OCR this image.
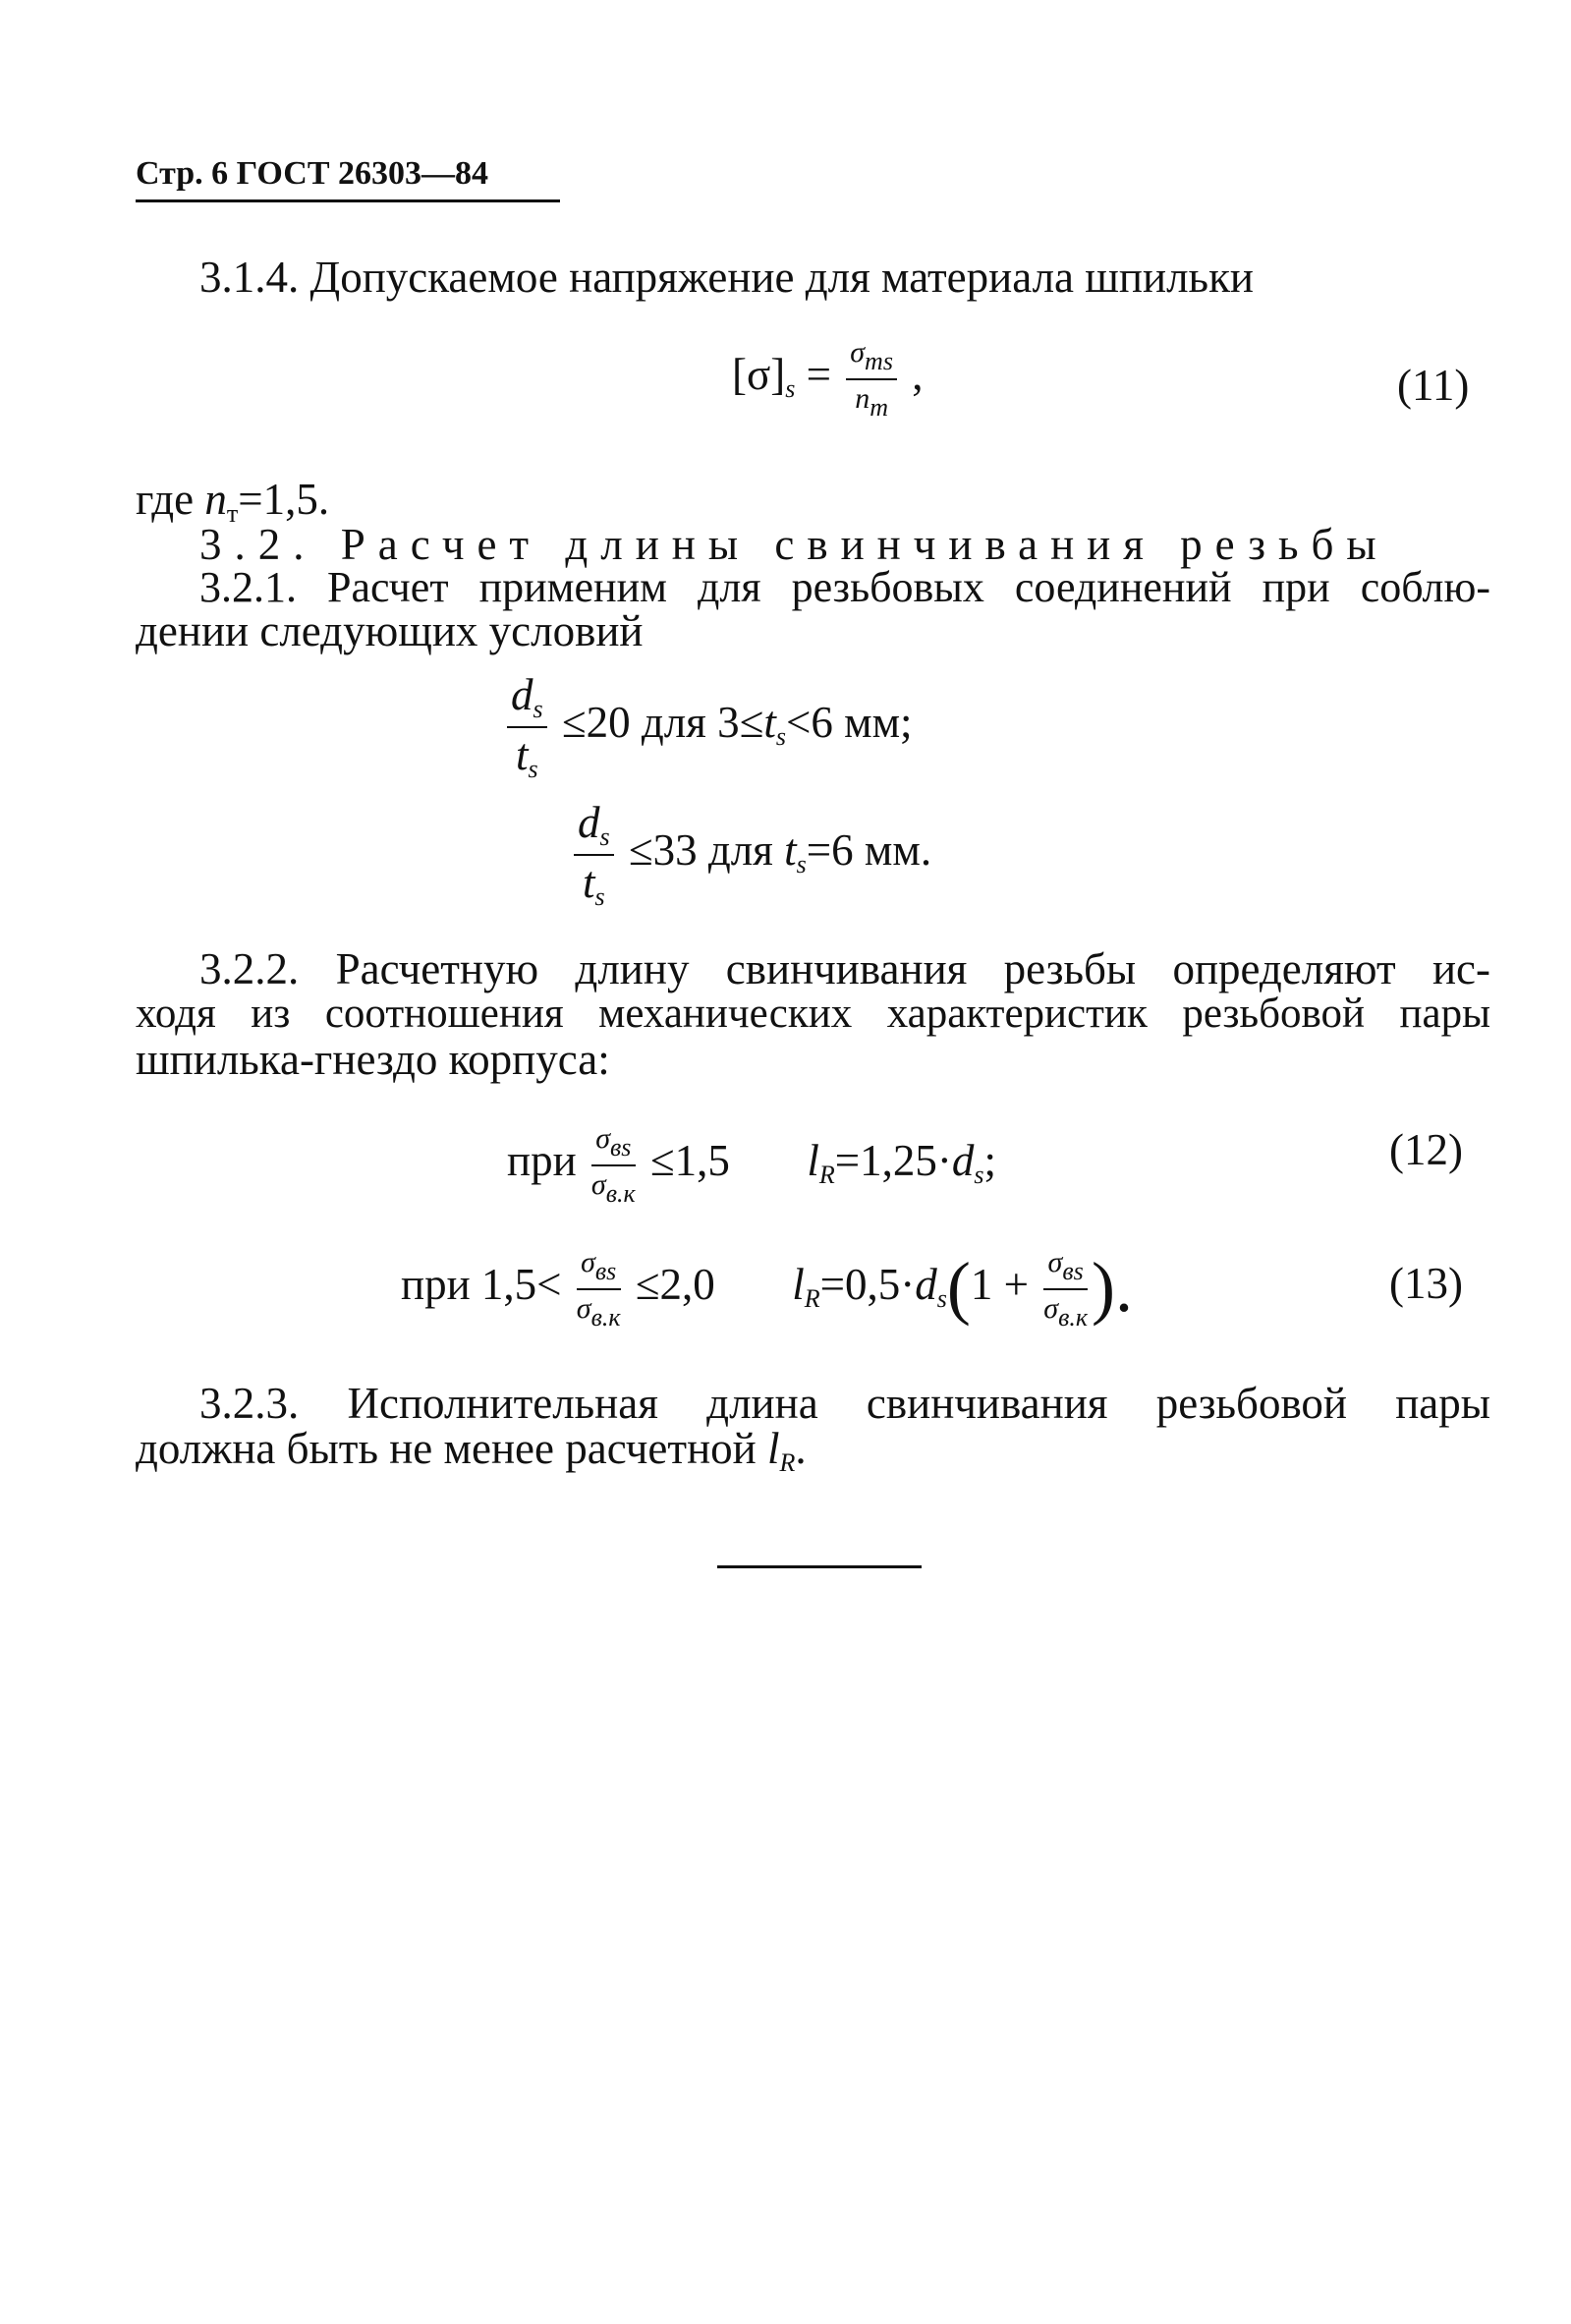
Стр. 6 ГОСТ 26303—84
3.1.4. Допускаемое напряжение для материала шпильки
$[\sigma]_s = \frac{\text{σтs}}{nт}$ ,	(11)
где $n_т=1,5$.
3.2. Расчет длины свинчивания резьбы
3.2.1. Расчет применим для резьбовых соединений при соблю-
дении следующих условий
$\frac{d_s}{t_s} \le 20$ для $3\le t_s<6$ мм;
$\frac{d_s}{t_s} \le 33$ для $t_s=6$ мм.
3.2.2. Расчетную длину свинчивания резьбы определяют ис-
ходя из соотношения механических характеристик резьбовой пары
шпилька-гнездо корпуса:
при $\frac{\text{σвs}}{\sigma в.к} \le 1,5$ $l_R=1,25\cdot d_s$;	(12)
при $1,5< \frac{\text{σвs}}{\sigma в.к} \le 2,0$ $l_R=0,5\cdot d_s(1 + \frac{\text{σвs}}{\sigma в.к}$ ).	(13)
3.2.3. Исполнительная длина свинчивания резьбовой пары
должна быть не менее расчетной $l_R$.
